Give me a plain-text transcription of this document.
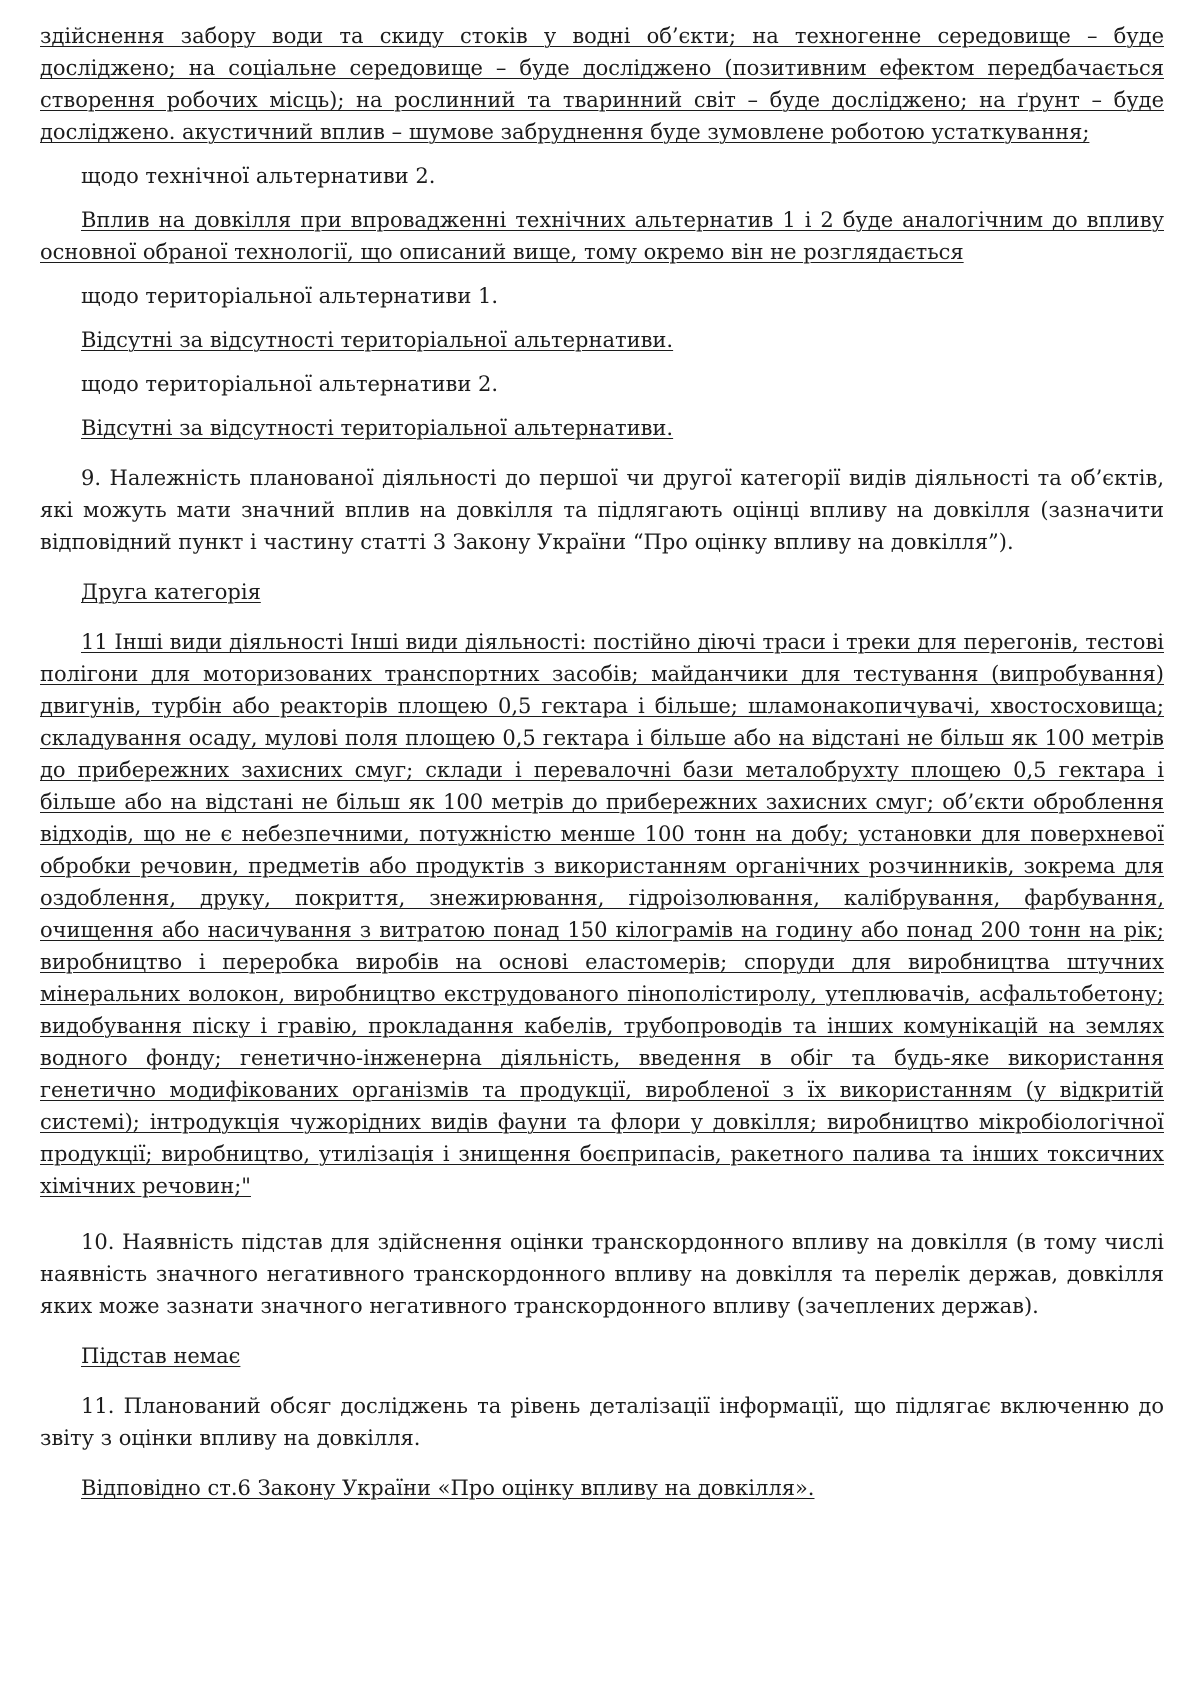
здійснення забору води та скиду стоків у водні об’єкти; на техногенне середовище – буде досліджено; на соціальне середовище – буде досліджено (позитивним ефектом передбачається створення робочих місць); на рослинний та тваринний світ – буде досліджено; на ґрунт – буде досліджено. акустичний вплив – шумове забруднення буде зумовлене роботою устаткування;

щодо технічної альтернативи 2.

Вплив на довкілля при впровадженні технічних альтернатив 1 і 2 буде аналогічним до впливу основної обраної технології, що описаний вище, тому окремо він не розглядається

щодо територіальної альтернативи 1.

Відсутні за відсутності територіальної альтернативи.

щодо територіальної альтернативи 2.

Відсутні за відсутності територіальної альтернативи.

9. Належність планованої діяльності до першої чи другої категорії видів діяльності та об’єктів, які можуть мати значний вплив на довкілля та підлягають оцінці впливу на довкілля (зазначити відповідний пункт і частину статті 3 Закону України “Про оцінку впливу на довкілля”).

Друга категорія

11 Інші види діяльності Інші види діяльності: постійно діючі траси і треки для перегонів, тестові полігони для моторизованих транспортних засобів; майданчики для тестування (випробування) двигунів, турбін або реакторів площею 0,5 гектара і більше; шламонакопичувачі, хвостосховища; складування осаду, мулові поля площею 0,5 гектара і більше або на відстані не більш як 100 метрів до прибережних захисних смуг; склади і перевалочні бази металобрухту площею 0,5 гектара і більше або на відстані не більш як 100 метрів до прибережних захисних смуг; об’єкти оброблення відходів, що не є небезпечними, потужністю менше 100 тонн на добу; установки для поверхневої обробки речовин, предметів або продуктів з використанням органічних розчинників, зокрема для оздоблення, друку, покриття, знежирювання, гідроізолювання, калібрування, фарбування, очищення або насичування з витратою понад 150 кілограмів на годину або понад 200 тонн на рік; виробництво і переробка виробів на основі еластомерів; споруди для виробництва штучних мінеральних волокон, виробництво екструдованого пінополістиролу, утеплювачів, асфальтобетону; видобування піску і гравію, прокладання кабелів, трубопроводів та інших комунікацій на землях водного фонду; генетично-інженерна діяльність, введення в обіг та будь-яке використання генетично модифікованих організмів та продукції, виробленої з їх використанням (у відкритій системі); інтродукція чужорідних видів фауни та флори у довкілля; виробництво мікробіологічної продукції; виробництво, утилізація і знищення боєприпасів, ракетного палива та інших токсичних хімічних речовин;"

10. Наявність підстав для здійснення оцінки транскордонного впливу на довкілля (в тому числі наявність значного негативного транскордонного впливу на довкілля та перелік держав, довкілля яких може зазнати значного негативного транскордонного впливу (зачеплених держав).

Підстав немає

11. Планований обсяг досліджень та рівень деталізації інформації, що підлягає включенню до звіту з оцінки впливу на довкілля.

Відповідно ст.6 Закону України «Про оцінку впливу на довкілля».
